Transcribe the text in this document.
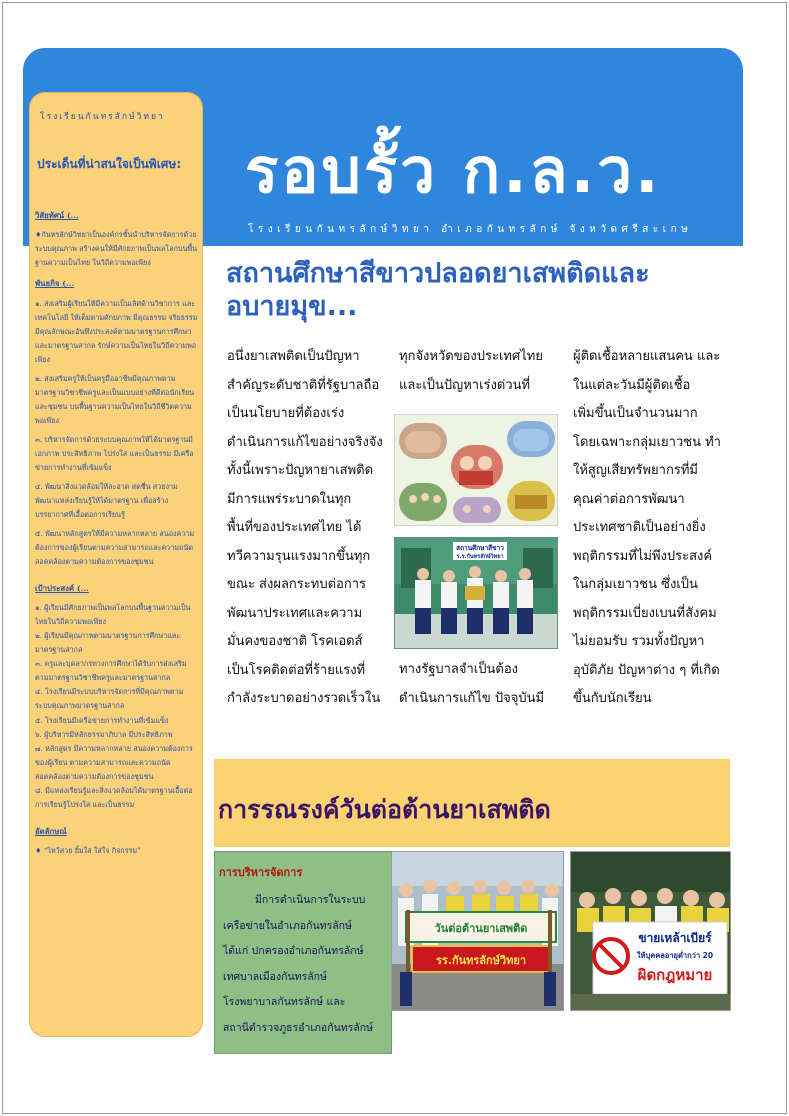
รอบรั้ว ก.ล.ว.
โรงเรียนกันทรลักษ์วิทยา อำเภอกันทรลักษ์ จังหวัดศรีสะเกษ
โรงเรียนกันทรลักษ์วิทยา
ประเด็นที่น่าสนใจเป็นพิเศษ:
วิสัยทัศน์ (...
♦กันทรลักษ์วิทยาเป็นองค์กรชั้นนำบริหารจัดการด้วยระบบคุณภาพ สร้างคนให้มีศักยภาพเป็นพลโลกบนพื้นฐานความเป็นไทย ในวิถีความพอเพียง
พันธกิจ (...
๑. ส่งเสริมผู้เรียนให้มีความเป็นเลิศด้านวิชาการ และเทคโนโลยี ให้เต็มตามศักยภาพ มีคุณธรรม จริยธรรม มีคุณลักษณะอันพึงประสงค์ตามมาตรฐานการศึกษาและมาตรฐานสากล รักษ์ความเป็นไทยในวิถีความพอเพียง
๒. ส่งเสริมครูให้เป็นครูมืออาชีพมีคุณภาพตามมาตรฐานวิชาชีพครูและเป็นแบบอย่างที่ดีต่อนักเรียนและชุมชน บนพื้นฐานความเป็นไทยในวิถีชีวิตความพอเพียง
๓. บริหารจัดการด้วยระบบคุณภาพให้ได้มาตรฐานมีเอกภาพ ประสิทธิภาพ โปร่งใส และเป็นธรรม มีเครือข่ายการทำงานที่เข้มแข็ง
๔. พัฒนาสิ่งแวดล้อมให้สะอาด สดชื่น สวยงาม พัฒนาแหล่งเรียนรู้ให้ได้มาตรฐาน เพื่อสร้างบรรยากาศที่เอื้อต่อการเรียนรู้
๕. พัฒนาหลักสูตรให้มีความหลากหลาย สนองความต้องการของผู้เรียนตามความสามารถและความถนัด สอดคล้องตามความต้องการของชุมชน
เป้าประสงค์ (...
๑. ผู้เรียนมีศักยภาพเป็นพลโลกบนพื้นฐานความเป็นไทยในวิถีความพอเพียง
๒. ผู้เรียนมีคุณภาพตามมาตรฐานการศึกษาและมาตรฐานสากล
๓. ครูและบุคลากรทางการศึกษาได้รับการส่งเสริมตามมาตรฐานวิชาชีพครูและมาตรฐานสากล
๔. โรงเรียนมีระบบบริหารจัดการที่มีคุณภาพตามระบบคุณภาพมาตรฐานสากล
๕. โรงเรียนมีเครือข่ายการทำงานที่เข้มแข็ง
๖. ผู้บริหารมีหลักธรรมาภิบาล มีประสิทธิภาพ
๗. หลักสูตร มีความหลากหลาย สนองความต้องการของผู้เรียน ตามความสามารถและความถนัด สอดคล้องตามความต้องการของชุมชน
๘. มีแหล่งเรียนรู้และสิ่งแวดล้อมได้มาตรฐานเอื้อต่อการเรียนรู้โปร่งใส และเป็นธรรม
อัตลักษณ์
♦ “ไหว้สวย ยิ้มใส ใส่ใจ กิจกรรม”
สถานศึกษาสีขาวปลอดยาเสพติดและอบายมุข...
อนึ่งยาเสพติดเป็นปัญหา
สำคัญระดับชาติที่รัฐบาลถือ
เป็นนโยบายที่ต้องเร่ง
ดำเนินการแก้ไขอย่างจริงจัง
ทั้งนี้เพราะปัญหายาเสพติด
มีการแพร่ระบาดในทุก
พื้นที่ของประเทศไทย ได้
ทวีความรุนแรงมากขึ้นทุก
ขณะ ส่งผลกระทบต่อการ
พัฒนาประเทศและความ
มั่นคงของชาติ โรคเอดส์
เป็นโรคติดต่อที่ร้ายแรงที่
กำลังระบาดอย่างรวดเร็วใน
ทุกจังหวัดของประเทศไทย
และเป็นปัญหาเร่งด่วนที่
ทางรัฐบาลจำเป็นต้อง
ดำเนินการแก้ไข ปัจจุบันมี
ผู้ติดเชื้อหลายแสนคน และ
ในแต่ละวันมีผู้ติดเชื้อ
เพิ่มขึ้นเป็นจำนวนมาก
โดยเฉพาะกลุ่มเยาวชน ทำ
ให้สูญเสียทรัพยากรที่มี
คุณค่าต่อการพัฒนา
ประเทศชาติเป็นอย่างยิ่ง
พฤติกรรมที่ไม่พึงประสงค์
ในกลุ่มเยาวชน ซึ่งเป็น
พฤติกรรมเบี่ยงเบนที่สังคม
ไม่ยอมรับ รวมทั้งปัญหา
อุบัติภัย ปัญหาต่าง ๆ ที่เกิด
ขึ้นกับนักเรียน
สถานศึกษาสีขาว
ร.ร.กันทรลักษ์วิทยา
การรณรงค์วันต่อต้านยาเสพติด
การบริหารจัดการ
มีการดำเนินการในระบบ
เครือข่ายในอำเภอกันทรลักษ์
ได้แก่ ปกครองอำเภอกันทรลักษ์
เทศบาลเมืองกันทรลักษ์
โรงพยาบาลกันทรลักษ์ และ
สถานีตำรวจภูธรอำเภอกันทรลักษ์
วันต่อต้านยาเสพติด
รร.กันทรลักษ์วิทยา
ขายเหล้าเบียร์
ให้บุคคลอายุต่ำกว่า 20
ผิดกฎหมาย
